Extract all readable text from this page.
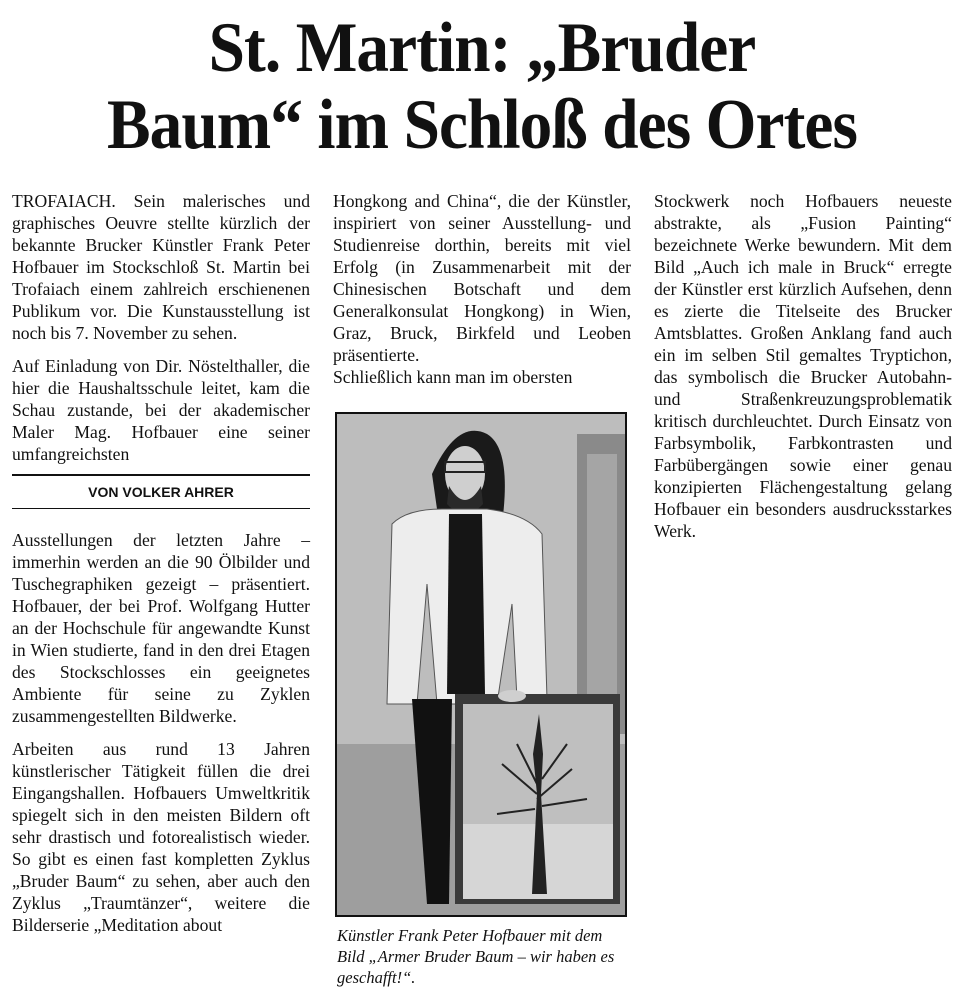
St. Martin: „Bruder
Baum“ im Schloß des Ortes

TROFAIACH. Sein malerisches und graphisches Oeuvre stellte kürzlich der bekannte Brucker Künstler Frank Peter Hofbauer im Stockschloß St. Martin bei Trofaiach einem zahlreich erschienenen Publikum vor. Die Kunstausstellung ist noch bis 7. November zu sehen.

Auf Einladung von Dir. Nöstelthaller, die hier die Haushaltsschule leitet, kam die Schau zustande, bei der akademischer Maler Mag. Hofbauer eine seiner umfangreichsten

VON VOLKER AHRER

Ausstellungen der letzten Jahre – immerhin werden an die 90 Ölbilder und Tuschegraphiken gezeigt – präsentiert. Hofbauer, der bei Prof. Wolfgang Hutter an der Hochschule für angewandte Kunst in Wien studierte, fand in den drei Etagen des Stockschlosses ein geeignetes Ambiente für seine zu Zyklen zusammengestellten Bildwerke.

Arbeiten aus rund 13 Jahren künstlerischer Tätigkeit füllen die drei Eingangshallen. Hofbauers Umweltkritik spiegelt sich in den meisten Bildern oft sehr drastisch und fotorealistisch wieder. So gibt es einen fast kompletten Zyklus „Bruder Baum“ zu sehen, aber auch den Zyklus „Traumtänzer“, weitere die Bilderserie „Meditation about

Hongkong and China“, die der Künstler, inspiriert von seiner Ausstellung- und Studienreise dorthin, bereits mit viel Erfolg (in Zusammenarbeit mit der Chinesischen Botschaft und dem Generalkonsulat Hongkong) in Wien, Graz, Bruck, Birkfeld und Leoben präsentierte.

Schließlich kann man im obersten

Künstler Frank Peter Hofbauer mit dem Bild „Armer Bruder Baum – wir haben es geschafft!“.

Stockwerk noch Hofbauers neueste abstrakte, als „Fusion Painting“ bezeichnete Werke bewundern. Mit dem Bild „Auch ich male in Bruck“ erregte der Künstler erst kürzlich Aufsehen, denn es zierte die Titelseite des Brucker Amtsblattes. Großen Anklang fand auch ein im selben Stil gemaltes Tryptichon, das symbolisch die Brucker Autobahn- und Straßenkreuzungsproblematik kritisch durchleuchtet. Durch Einsatz von Farbsymbolik, Farbkontrasten und Farbübergängen sowie einer genau konzipierten Flächengestaltung gelang Hofbauer ein besonders ausdrucksstarkes Werk.
